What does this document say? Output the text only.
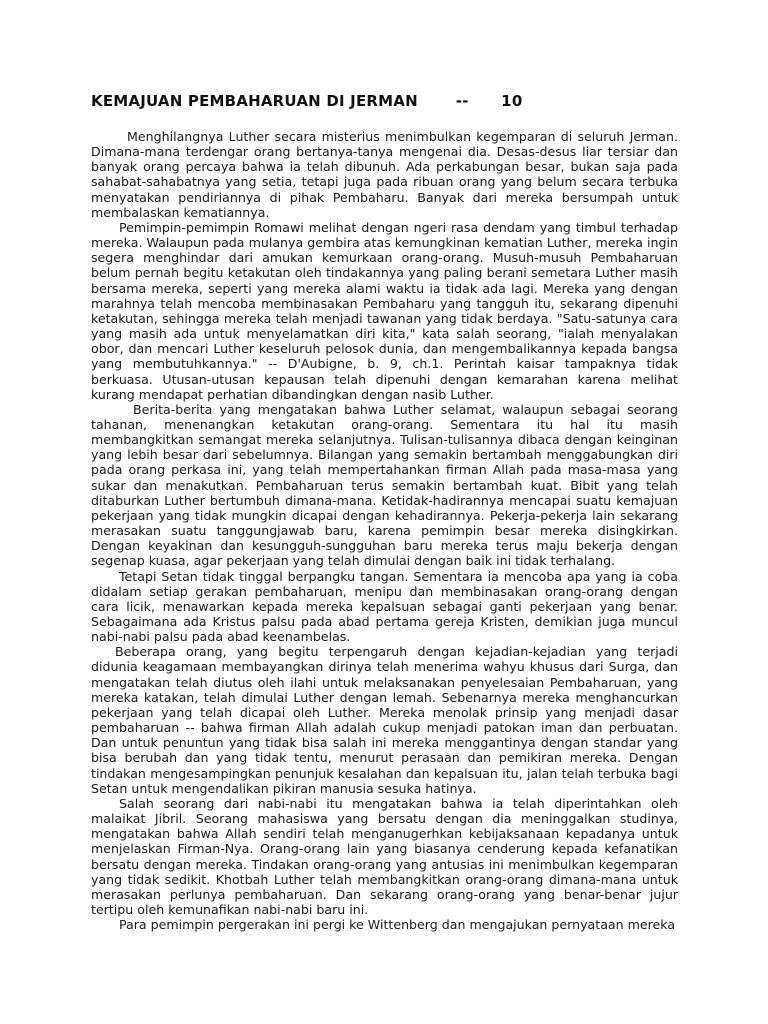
KEMAJUAN PEMBAHARUAN DI JERMAN       --      10

Menghilangnya Luther secara misterius menimbulkan kegemparan di seluruh Jerman. Dimana-mana terdengar orang bertanya-tanya mengenai dia. Desas-desus liar tersiar dan banyak orang percaya bahwa ia telah dibunuh. Ada perkabungan besar, bukan saja pada sahabat-sahabatnya yang setia, tetapi juga pada ribuan orang yang belum secara terbuka menyatakan pendiriannya di pihak Pembaharu. Banyak dari mereka bersumpah untuk membalaskan kematiannya.

Pemimpin-pemimpin Romawi melihat dengan ngeri rasa dendam yang timbul terhadap mereka. Walaupun pada mulanya gembira atas kemungkinan kematian Luther, mereka ingin segera menghindar dari amukan kemurkaan orang-orang. Musuh-musuh Pembaharuan belum pernah begitu ketakutan oleh tindakannya yang paling berani semetara Luther masih bersama mereka, seperti yang mereka alami waktu ia tidak ada lagi. Mereka yang dengan marahnya telah mencoba membinasakan Pembaharu yang tangguh itu, sekarang dipenuhi ketakutan, sehingga mereka telah menjadi tawanan yang tidak berdaya. "Satu-satunya cara yang masih ada untuk menyelamatkan diri kita," kata salah seorang, "ialah menyalakan obor, dan mencari Luther keseluruh pelosok dunia, dan mengembalikannya kepada bangsa yang membutuhkannya." -- D'Aubigne, b. 9, ch.1. Perintah kaisar tampaknya tidak berkuasa. Utusan-utusan kepausan telah dipenuhi dengan kemarahan karena melihat kurang mendapat perhatian dibandingkan dengan nasib Luther.

Berita-berita yang mengatakan bahwa Luther selamat, walaupun sebagai seorang tahanan, menenangkan ketakutan orang-orang. Sementara itu hal itu masih membangkitkan semangat mereka selanjutnya. Tulisan-tulisannya dibaca dengan keinginan yang lebih besar dari sebelumnya. Bilangan yang semakin bertambah menggabungkan diri pada orang perkasa ini, yang telah mempertahankan firman Allah pada masa-masa yang sukar dan menakutkan. Pembaharuan terus semakin bertambah kuat. Bibit yang telah ditaburkan Luther bertumbuh dimana-mana. Ketidak-hadirannya mencapai suatu kemajuan pekerjaan yang tidak mungkin dicapai dengan kehadirannya. Pekerja-pekerja lain sekarang merasakan suatu tanggungjawab baru, karena pemimpin besar mereka disingkirkan. Dengan keyakinan dan kesungguh-sungguhan baru mereka terus maju bekerja dengan segenap kuasa, agar pekerjaan yang telah dimulai dengan baik ini tidak terhalang.

Tetapi Setan tidak tinggal berpangku tangan. Sementara ia mencoba apa yang ia coba didalam setiap gerakan pembaharuan, menipu dan membinasakan orang-orang dengan cara licik, menawarkan kepada mereka kepalsuan sebagai ganti pekerjaan yang benar. Sebagaimana ada Kristus palsu pada abad pertama gereja Kristen, demikian juga muncul nabi-nabi palsu pada abad keenambelas.

Beberapa orang, yang begitu terpengaruh dengan kejadian-kejadian yang terjadi didunia keagamaan membayangkan dirinya telah menerima wahyu khusus dari Surga, dan mengatakan telah diutus oleh ilahi untuk melaksanakan penyelesaian Pembaharuan, yang mereka katakan, telah dimulai Luther dengan lemah. Sebenarnya mereka menghancurkan pekerjaan yang telah dicapai oleh Luther. Mereka menolak prinsip yang menjadi dasar pembaharuan -- bahwa firman Allah adalah cukup menjadi patokan iman dan perbuatan. Dan untuk penuntun yang tidak bisa salah ini mereka menggantinya dengan standar yang bisa berubah dan yang tidak tentu, menurut perasaan dan pemikiran mereka. Dengan tindakan mengesampingkan penunjuk kesalahan dan kepalsuan itu, jalan telah terbuka bagi Setan untuk mengendalikan pikiran manusia sesuka hatinya.

Salah seorang dari nabi-nabi itu mengatakan bahwa ia telah diperintahkan oleh malaikat Jibril. Seorang mahasiswa yang bersatu dengan dia meninggalkan studinya, mengatakan bahwa Allah sendiri telah menganugerhkan kebijaksanaan kepadanya untuk menjelaskan Firman-Nya. Orang-orang lain yang biasanya cenderung kepada kefanatikan bersatu dengan mereka. Tindakan orang-orang yang antusias ini menimbulkan kegemparan yang tidak sedikit. Khotbah Luther telah membangkitkan orang-orang dimana-mana untuk merasakan perlunya pembaharuan. Dan sekarang orang-orang yang benar-benar jujur tertipu oleh kemunafikan nabi-nabi baru ini.

Para pemimpin pergerakan ini pergi ke Wittenberg dan mengajukan pernyataan mereka
